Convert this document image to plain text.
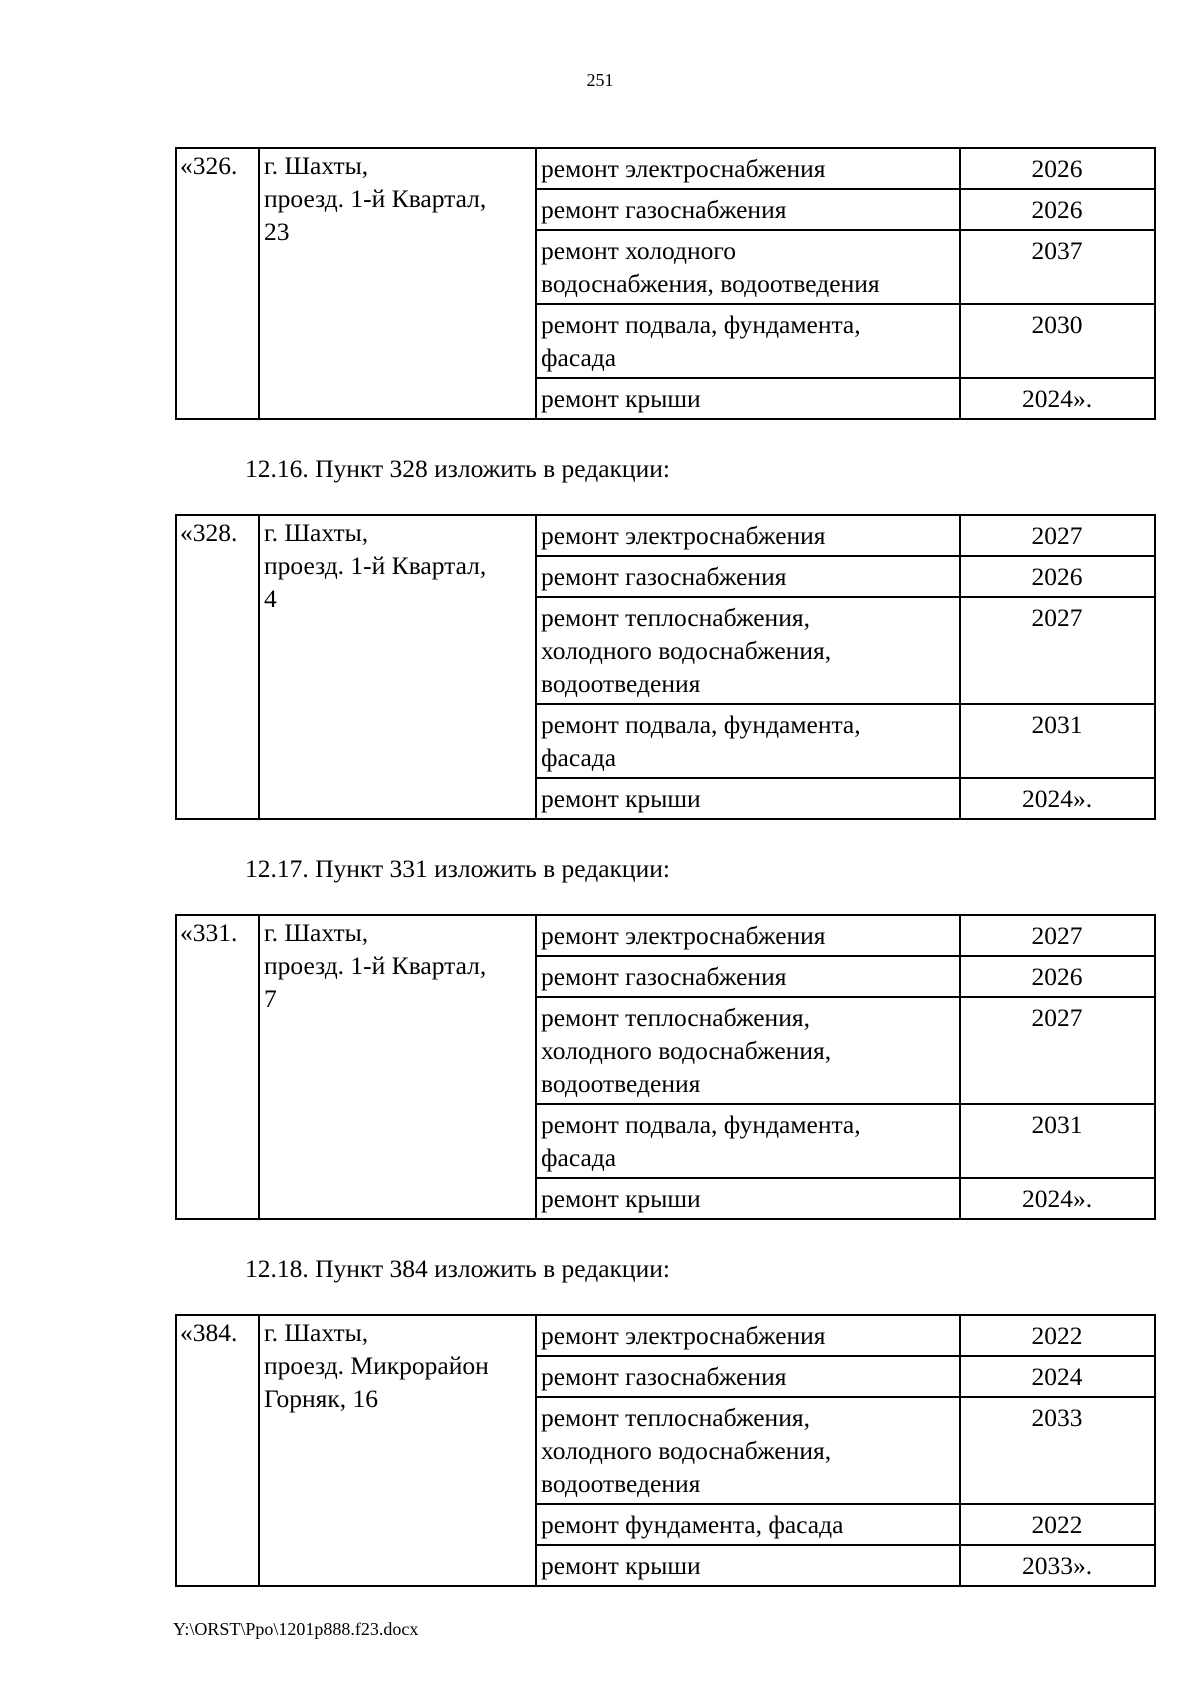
251
«326.	г. Шахты,
проезд. 1-й Квартал,
23	ремонт электроснабжения	2026
		ремонт газоснабжения	2026
		ремонт холодного
водоснабжения, водоотведения	2037
		ремонт подвала, фундамента,
фасада	2030
		ремонт крыши	2024».
12.16. Пункт 328 изложить в редакции:
«328.	г. Шахты,
проезд. 1-й Квартал,
4	ремонт электроснабжения	2027
		ремонт газоснабжения	2026
		ремонт теплоснабжения,
холодного водоснабжения,
водоотведения	2027
		ремонт подвала, фундамента,
фасада	2031
		ремонт крыши	2024».
12.17. Пункт 331 изложить в редакции:
«331.	г. Шахты,
проезд. 1-й Квартал,
7	ремонт электроснабжения	2027
		ремонт газоснабжения	2026
		ремонт теплоснабжения,
холодного водоснабжения,
водоотведения	2027
		ремонт подвала, фундамента,
фасада	2031
		ремонт крыши	2024».
12.18. Пункт 384 изложить в редакции:
«384.	г. Шахты,
проезд. Микрорайон
Горняк, 16	ремонт электроснабжения	2022
		ремонт газоснабжения	2024
		ремонт теплоснабжения,
холодного водоснабжения,
водоотведения	2033
		ремонт фундамента, фасада	2022
		ремонт крыши	2033».
Y:\ORST\Ppo\1201p888.f23.docx
